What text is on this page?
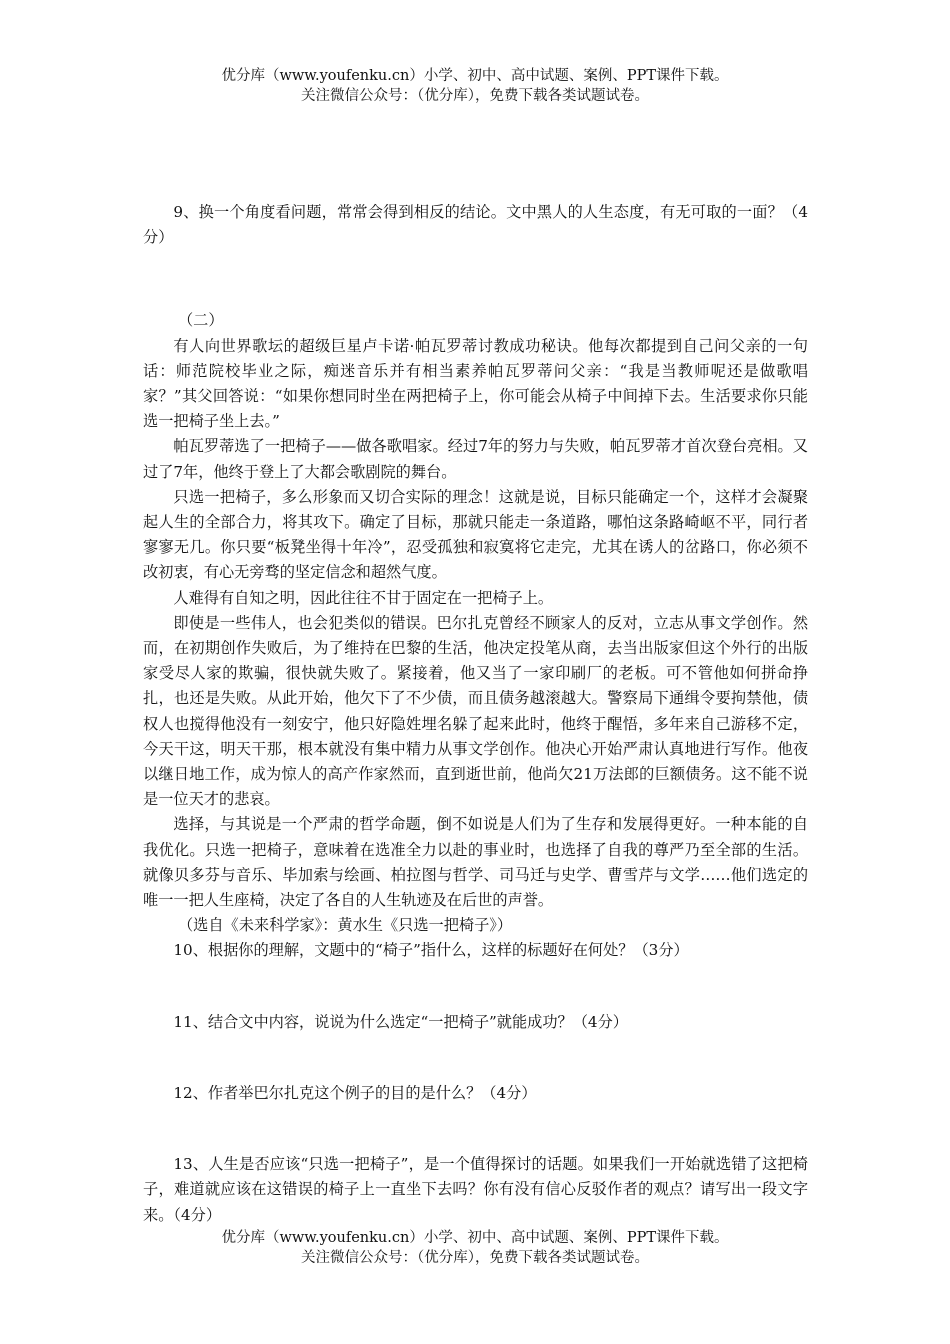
优分库（www.youfenku.cn）小学、初中、高中试题、案例、PPT课件下载。
关注微信公众号：（优分库），免费下载各类试题试卷。

9、换一个角度看问题，常常会得到相反的结论。文中黑人的人生态度，有无可取的一面？（4分）

（二）

有人向世界歌坛的超级巨星卢卡诺·帕瓦罗蒂讨教成功秘诀。他每次都提到自己问父亲的一句话：师范院校毕业之际，痴迷音乐并有相当素养帕瓦罗蒂问父亲：“我是当教师呢还是做歌唱家？”其父回答说：“如果你想同时坐在两把椅子上，你可能会从椅子中间掉下去。生活要求你只能选一把椅子坐上去。”

帕瓦罗蒂选了一把椅子——做各歌唱家。经过7年的努力与失败，帕瓦罗蒂才首次登台亮相。又过了7年，他终于登上了大都会歌剧院的舞台。

只选一把椅子，多么形象而又切合实际的理念！这就是说，目标只能确定一个，这样才会凝聚起人生的全部合力，将其攻下。确定了目标，那就只能走一条道路，哪怕这条路崎岖不平，同行者寥寥无几。你只要“板凳坐得十年冷”，忍受孤独和寂寞将它走完，尤其在诱人的岔路口，你必须不改初衷，有心无旁骛的坚定信念和超然气度。

人难得有自知之明，因此往往不甘于固定在一把椅子上。

即使是一些伟人，也会犯类似的错误。巴尔扎克曾经不顾家人的反对，立志从事文学创作。然而，在初期创作失败后，为了维持在巴黎的生活，他决定投笔从商，去当出版家但这个外行的出版家受尽人家的欺骗，很快就失败了。紧接着，他又当了一家印刷厂的老板。可不管他如何拼命挣扎，也还是失败。从此开始，他欠下了不少债，而且债务越滚越大。警察局下通缉令要拘禁他，债权人也搅得他没有一刻安宁，他只好隐姓埋名躲了起来此时，他终于醒悟，多年来自己游移不定，今天干这，明天干那，根本就没有集中精力从事文学创作。他决心开始严肃认真地进行写作。他夜以继日地工作，成为惊人的高产作家然而，直到逝世前，他尚欠21万法郎的巨额债务。这不能不说是一位天才的悲哀。

选择，与其说是一个严肃的哲学命题，倒不如说是人们为了生存和发展得更好。一种本能的自我优化。只选一把椅子，意味着在选准全力以赴的事业时，也选择了自我的尊严乃至全部的生活。就像贝多芬与音乐、毕加索与绘画、柏拉图与哲学、司马迁与史学、曹雪芹与文学……他们选定的唯一一把人生座椅，决定了各自的人生轨迹及在后世的声誉。

（选自《未来科学家》：黄水生《只选一把椅子》）

10、根据你的理解，文题中的“椅子”指什么，这样的标题好在何处？（3分）

11、结合文中内容，说说为什么选定“一把椅子”就能成功？（4分）

12、作者举巴尔扎克这个例子的目的是什么？（4分）

13、人生是否应该“只选一把椅子”，是一个值得探讨的话题。如果我们一开始就选错了这把椅子，难道就应该在这错误的椅子上一直坐下去吗？你有没有信心反驳作者的观点？请写出一段文字来。（4分）

优分库（www.youfenku.cn）小学、初中、高中试题、案例、PPT课件下载。
关注微信公众号：（优分库），免费下载各类试题试卷。
